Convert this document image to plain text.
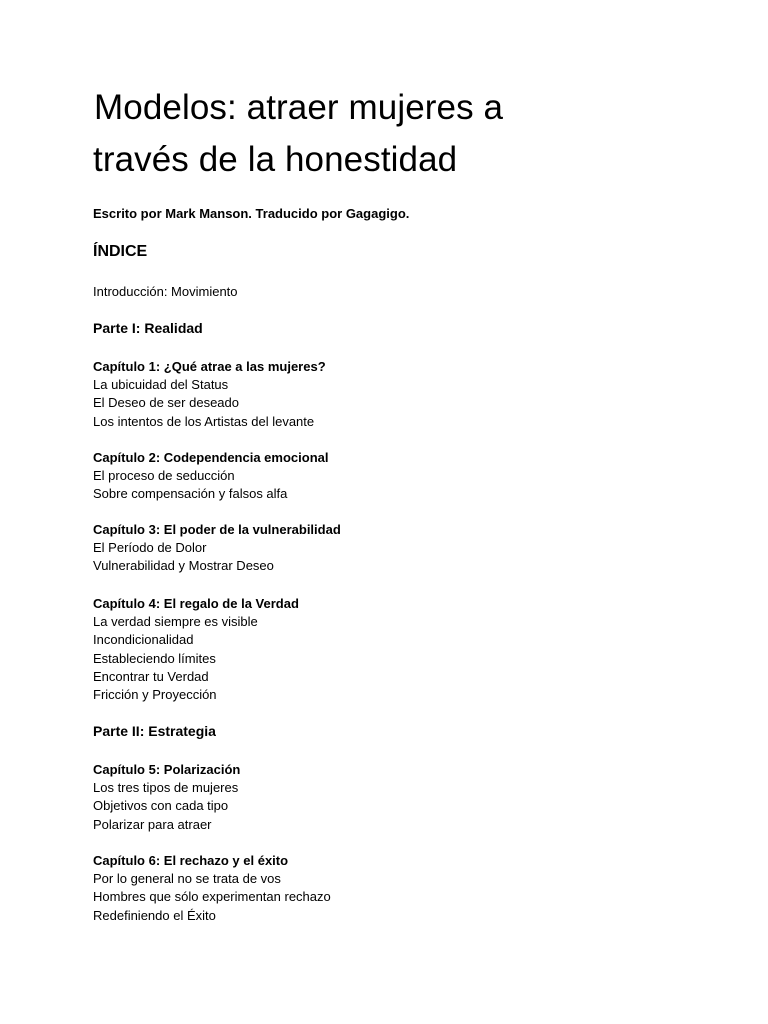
Modelos: atraer mujeres a
través de la honestidad
Escrito por Mark Manson. Traducido por Gagagigo.
ÍNDICE
Introducción: Movimiento
Parte I: Realidad
Capítulo 1: ¿Qué atrae a las mujeres?
La ubicuidad del Status
El Deseo de ser deseado
Los intentos de los Artistas del levante
Capítulo 2: Codependencia emocional
El proceso de seducción
Sobre compensación y falsos alfa
Capítulo 3: El poder de la vulnerabilidad
El Período de Dolor
Vulnerabilidad y Mostrar Deseo
Capítulo 4: El regalo de la Verdad
La verdad siempre es visible
Incondicionalidad
Estableciendo límites
Encontrar tu Verdad
Fricción y Proyección
Parte II: Estrategia
Capítulo 5: Polarización
Los tres tipos de mujeres
Objetivos con cada tipo
Polarizar para atraer
Capítulo 6: El rechazo y el éxito
Por lo general no se trata de vos
Hombres que sólo experimentan rechazo
Redefiniendo el Éxito
